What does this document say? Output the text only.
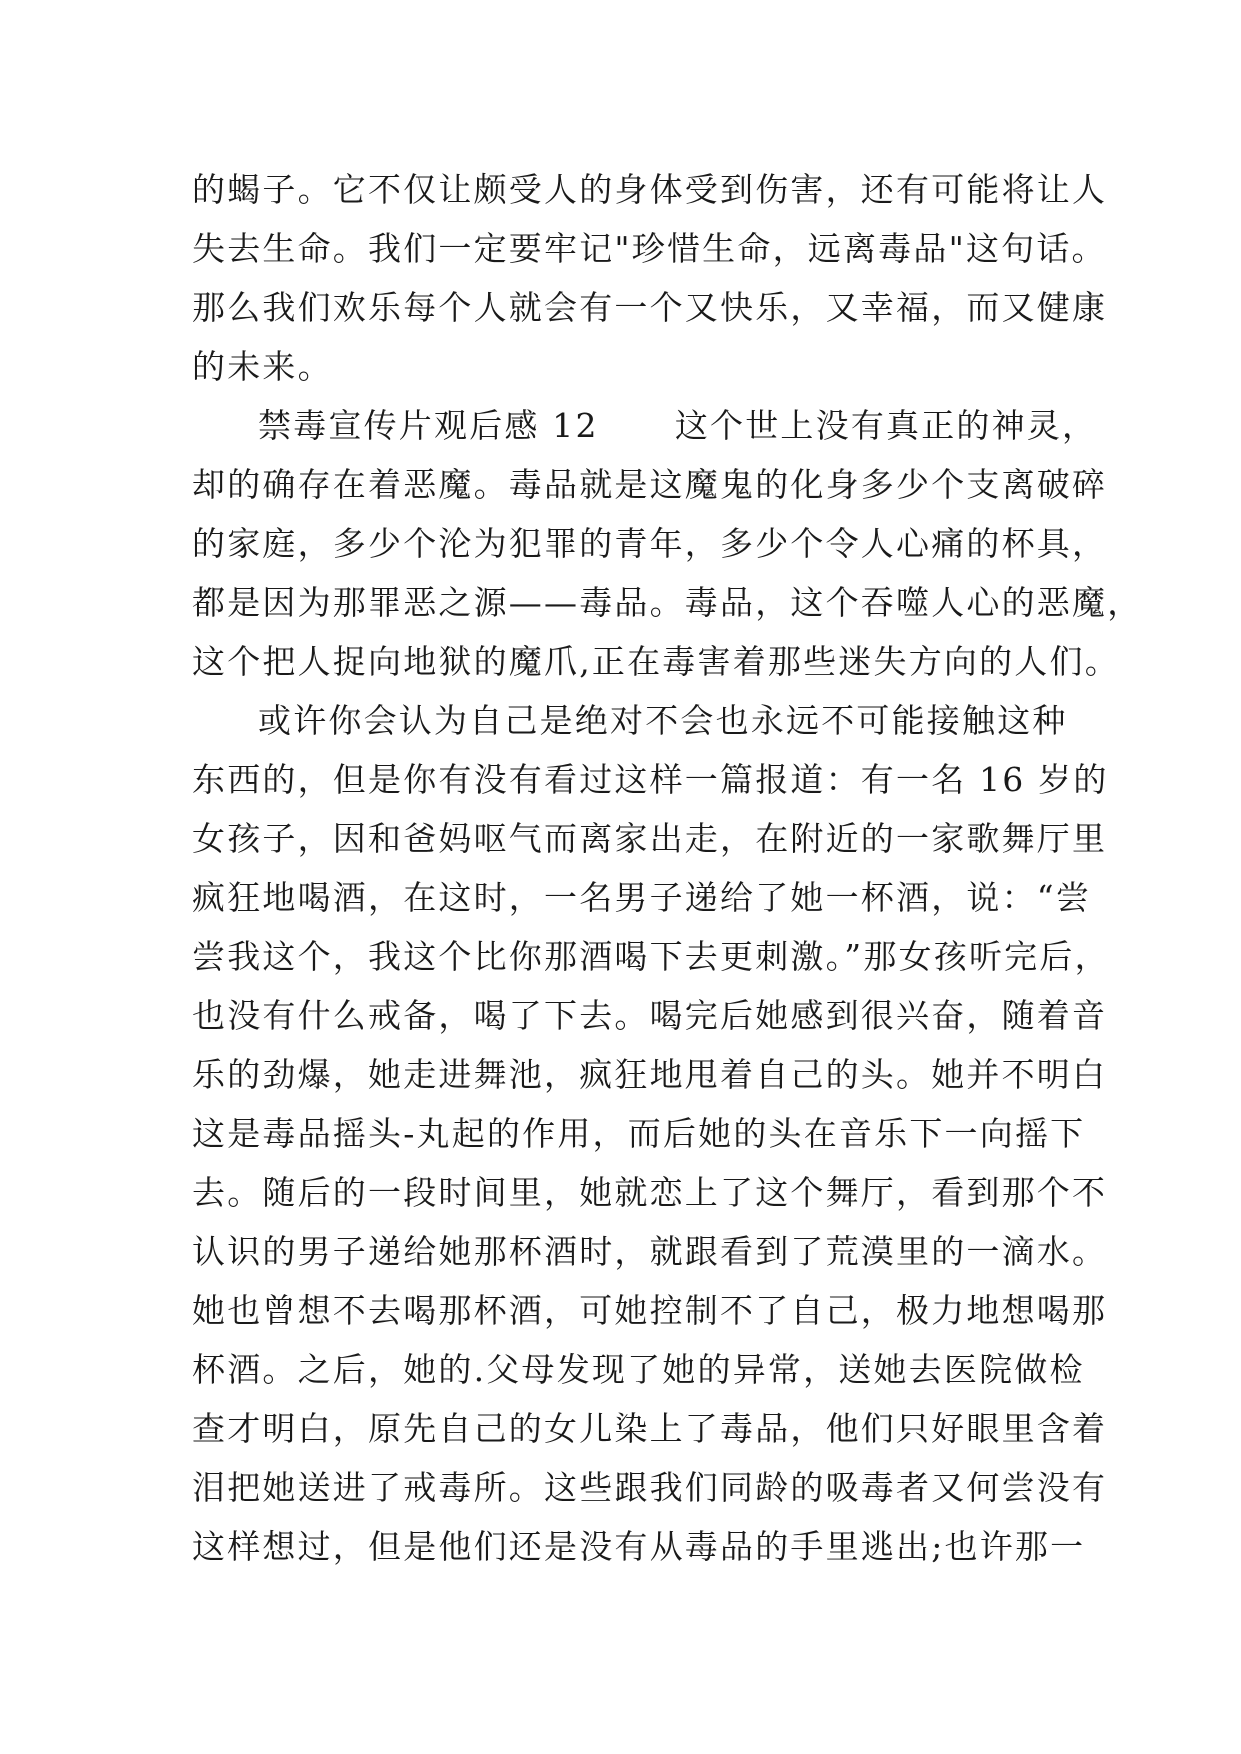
的蝎子。它不仅让颇受人的身体受到伤害，还有可能将让人
失去生命。我们一定要牢记"珍惜生命，远离毒品"这句话。
那么我们欢乐每个人就会有一个又快乐，又幸福，而又健康
的未来。
禁毒宣传片观后感 12      这个世上没有真正的神灵，
却的确存在着恶魔。毒品就是这魔鬼的化身多少个支离破碎
的家庭，多少个沦为犯罪的青年，多少个令人心痛的杯具，
都是因为那罪恶之源——毒品。毒品，这个吞噬人心的恶魔，
这个把人捉向地狱的魔爪,正在毒害着那些迷失方向的人们。
或许你会认为自己是绝对不会也永远不可能接触这种
东西的，但是你有没有看过这样一篇报道：有一名 16 岁的
女孩子，因和爸妈呕气而离家出走，在附近的一家歌舞厅里
疯狂地喝酒，在这时，一名男子递给了她一杯酒，说：“尝
尝我这个，我这个比你那酒喝下去更刺激。”那女孩听完后，
也没有什么戒备，喝了下去。喝完后她感到很兴奋，随着音
乐的劲爆，她走进舞池，疯狂地甩着自己的头。她并不明白
这是毒品摇头-丸起的作用，而后她的头在音乐下一向摇下
去。随后的一段时间里，她就恋上了这个舞厅，看到那个不
认识的男子递给她那杯酒时，就跟看到了荒漠里的一滴水。
她也曾想不去喝那杯酒，可她控制不了自己，极力地想喝那
杯酒。之后，她的.父母发现了她的异常，送她去医院做检
查才明白，原先自己的女儿染上了毒品，他们只好眼里含着
泪把她送进了戒毒所。这些跟我们同龄的吸毒者又何尝没有
这样想过，但是他们还是没有从毒品的手里逃出;也许那一
